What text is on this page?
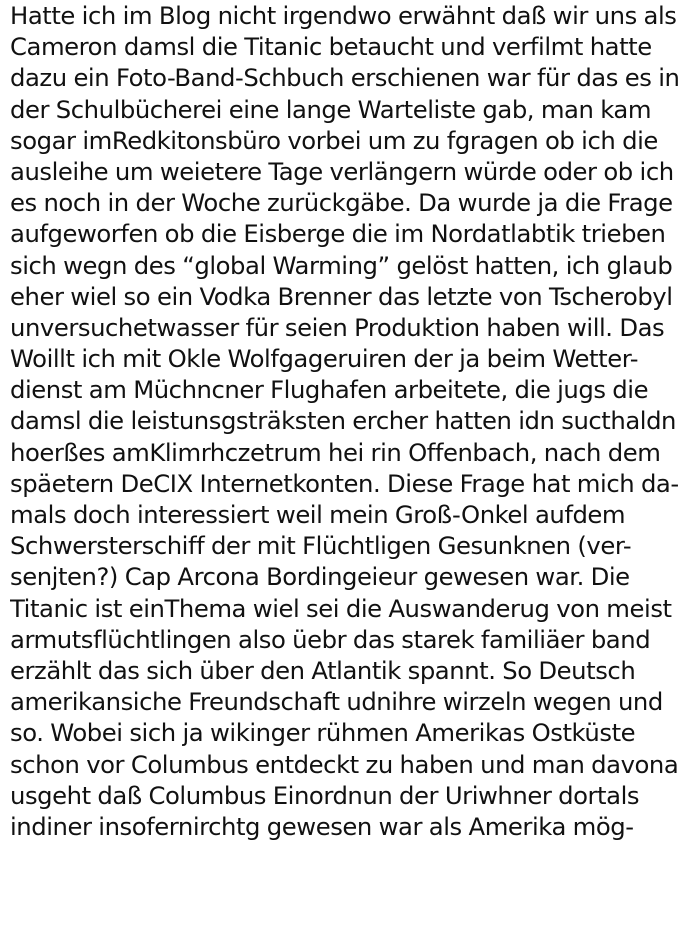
Hatte ich im Blog nicht irgendwo erwähnt daß wir uns als
Cameron damsl die Titanic betaucht und verfilmt hatte
dazu ein Foto-Band-Schbuch erschienen war für das es in
der Schulbücherei eine lange Warteliste gab, man kam
sogar imRedkitonsbüro vorbei um zu fgragen ob ich die
ausleihe um weietere Tage verlängern würde oder ob ich
es noch in der Woche zurückgäbe. Da wurde ja die Frage
aufgeworfen ob die Eisberge die im Nordatlabtik trieben
sich wegn des “global Warming” gelöst hatten, ich glaub
eher wiel so ein Vodka Brenner das letzte von Tscherobyl
unversuchetwasser für seien Produktion haben will. Das
Woillt ich mit Okle Wolfgageruiren der ja beim Wetter-
dienst am Müchncner Flughafen arbeitete, die jugs die
damsl die leistunsgsträksten ercher hatten idn sucthaldn
hoerßes amKlimrhczetrum hei rin Offenbach, nach dem
späetern DeCIX Internetkonten. Diese Frage hat mich da-
mals doch interessiert weil mein Groß-Onkel aufdem
Schwersterschiff der mit Flüchtligen Gesunknen (ver-
senjten?) Cap Arcona Bordingeieur gewesen war. Die
Titanic ist einThema wiel sei die Auswanderug von meist
armutsflüchtlingen also üebr das starek familiäer band
erzählt das sich über den Atlantik spannt. So Deutsch
amerikansiche Freundschaft udnihre wirzeln wegen und
so. Wobei sich ja wikinger rühmen Amerikas Ostküste
schon vor Columbus entdeckt zu haben und man davona
usgeht daß Columbus Einordnun der Uriwhner dortals
indiner insofernirchtg gewesen war als Amerika mög-
